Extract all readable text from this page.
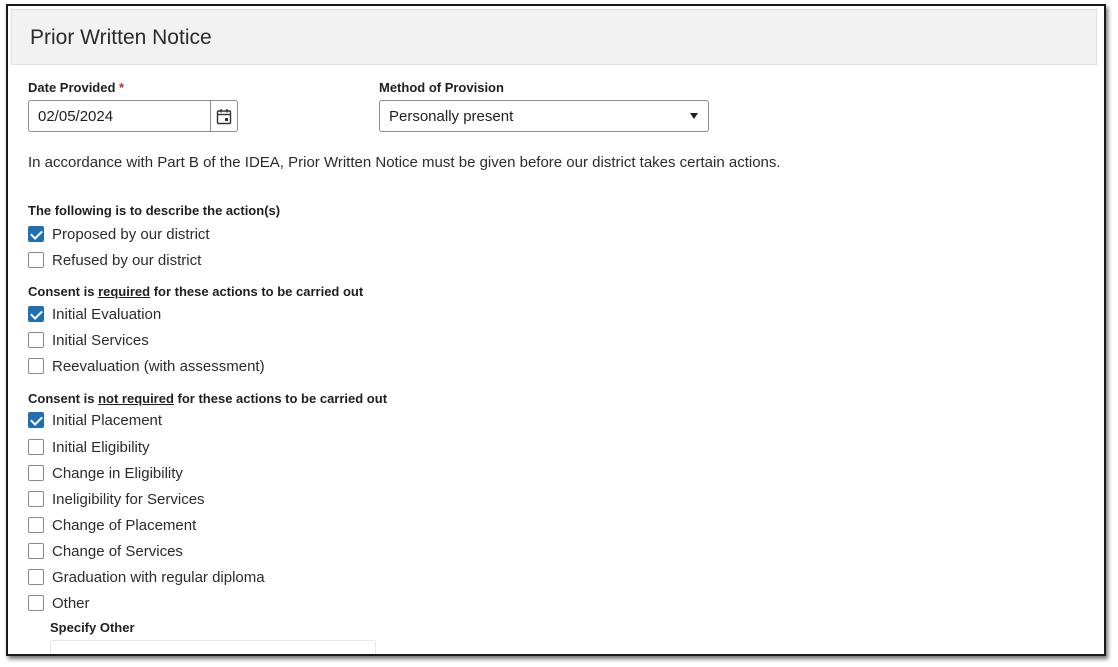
Prior Written Notice
Date Provided *
02/05/2024	Method of Provision
Personally present
In accordance with Part B of the IDEA, Prior Written Notice must be given before our district takes certain actions.
The following is to describe the action(s)
Proposed by our district
Refused by our district
Consent is required for these actions to be carried out
Initial Evaluation
Initial Services
Reevaluation (with assessment)
Consent is not required for these actions to be carried out
Initial Placement
Initial Eligibility
Change in Eligibility
Ineligibility for Services
Change of Placement
Change of Services
Graduation with regular diploma
Other
Specify Other
